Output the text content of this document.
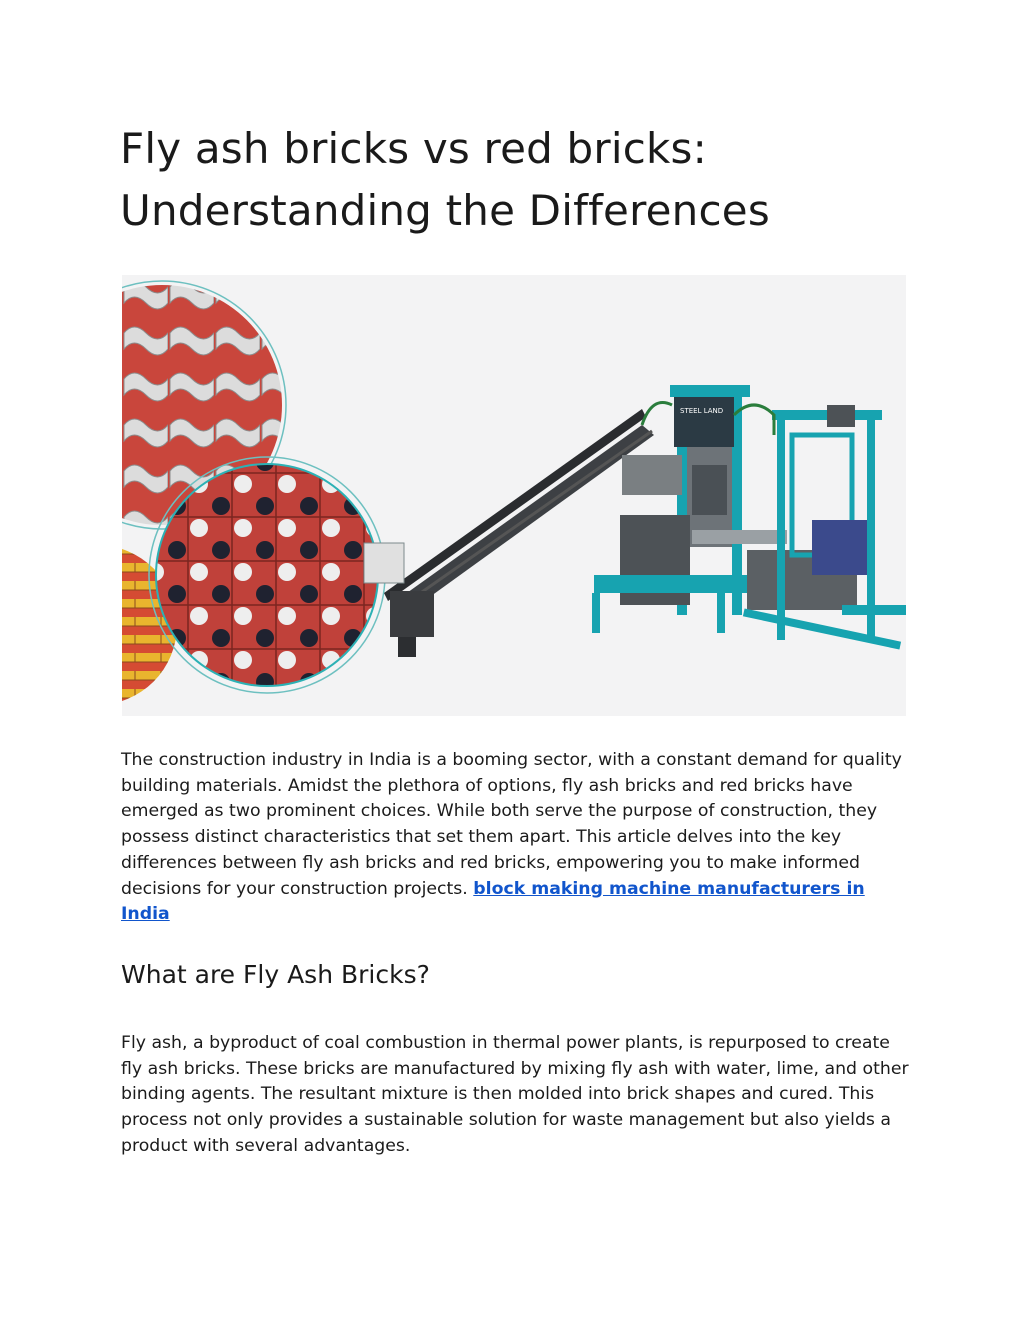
Fly ash bricks vs red bricks:
Understanding the Differences
STEEL LAND

The construction industry in India is a booming sector, with a constant demand for quality building materials. Amidst the plethora of options, fly ash bricks and red bricks have emerged as two prominent choices. While both serve the purpose of construction, they possess distinct characteristics that set them apart. This article delves into the key differences between fly ash bricks and red bricks, empowering you to make informed decisions for your construction projects. block making machine manufacturers in India

What are Fly Ash Bricks?

Fly ash, a byproduct of coal combustion in thermal power plants, is repurposed to create fly ash bricks. These bricks are manufactured by mixing fly ash with water, lime, and other binding agents. The resultant mixture is then molded into brick shapes and cured. This process not only provides a sustainable solution for waste management but also yields a product with several advantages.
